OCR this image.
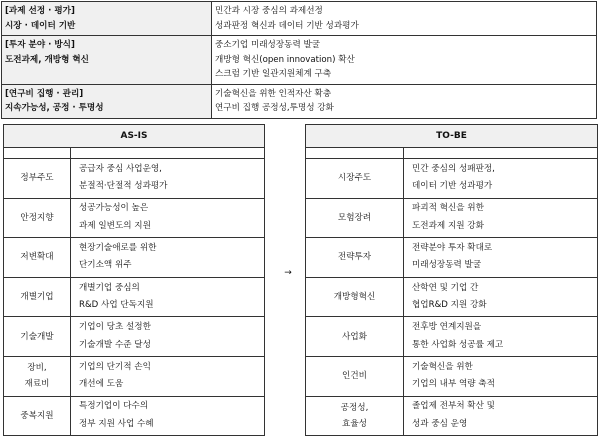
[과제 선정 · 평가]
시장 · 데이터 기반	민간과 시장 중심의 과제선정
성과판정 혁신과 데이터 기반 성과평가
[투자 분야 · 방식]
도전과제, 개방형 혁신	중소기업 미래성장동력 발굴
개방형 혁신(open innovation) 확산
스크럼 기반 일관지원체계 구축
[연구비 집행 · 관리]
지속가능성, 공정 · 투명성	기술혁신을 위한 인적자산 확충
연구비 집행 공정성,투명성 강화
AS-IS	

정부주도	공급자 중심 사업운영,
분절적·단절적 성과평가
안정지향	성공가능성이 높은
과제 일변도의 지원
저변확대	현장기술애로를 위한
단기소액 위주
개별기업	개별기업 중심의
R&D 사업 단독지원
기술개발	기업이 당초 설정한
기술개발 수준 달성
장비,
재료비	기업의 단기적 손익
개선에 도움
중복지원	특정기업이 다수의
정부 지원 사업 수혜
→
TO-BE	

시장주도	민간 중심의 성패판정,
데이터 기반 성과평가
모험장려	파괴적 혁신을 위한
도전과제 지원 강화
전략투자	전략분야 투자 확대로
미래성장동력 발굴
개방형혁신	산학연 및 기업 간
협업R&D 지원 강화
사업화	전후방 연계지원을
통한 사업화 성공률 제고
인건비	기술혁신을 위한
기업의 내부 역량 축적
공정성,
효율성	졸업제 전부처 확산 및
성과 중심 운영
